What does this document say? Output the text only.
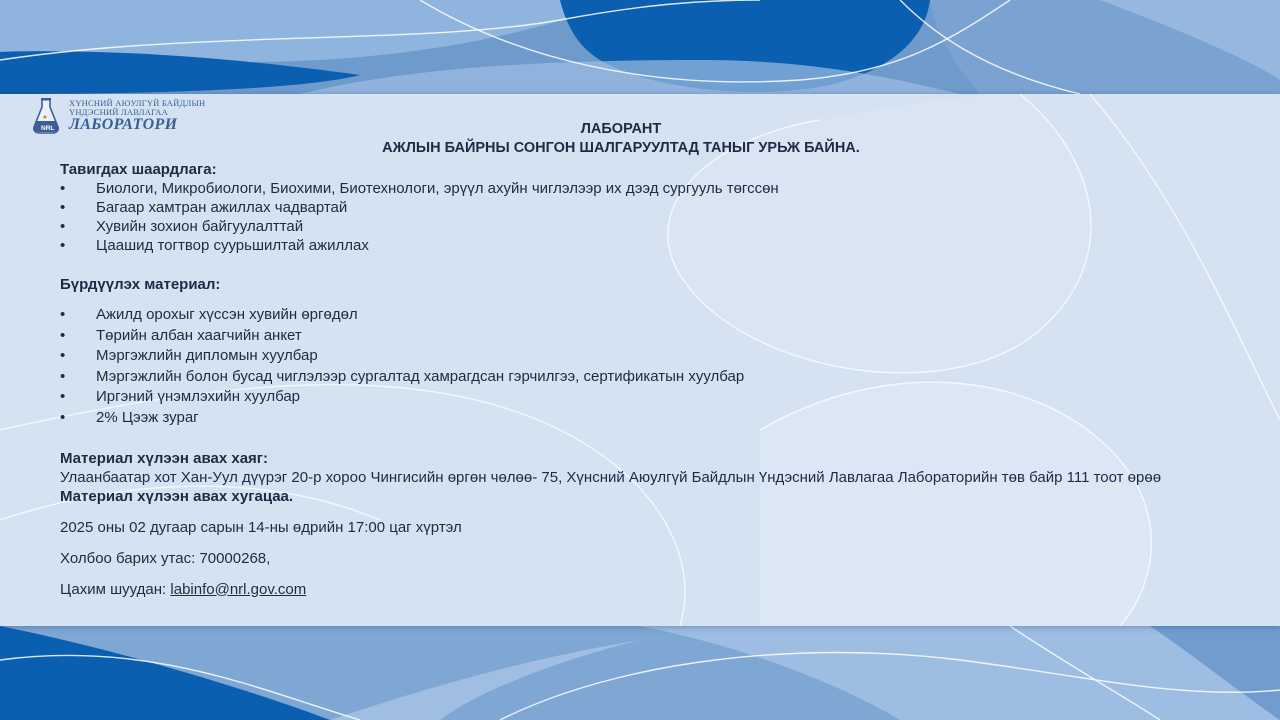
NRL
ХҮНСНИЙ АЮУЛГҮЙ БАЙДЛЫН
ҮНДЭСНИЙ ЛАВЛАГАА
ЛАБОРАТОРИ	ЛАБОРАНТ
АЖЛЫН БАЙРНЫ СОНГОН ШАЛГАРУУЛТАД ТАНЫГ УРЬЖ БАЙНА.
Тавигдах шаардлага:
• Биологи, Микробиологи, Биохими, Биотехнологи, эрүүл ахуйн чиглэлээр их дээд сургууль төгссөн
• Багаар хамтран ажиллах чадвартай
• Хувийн зохион байгуулалттай
• Цаашид тогтвор суурьшилтай ажиллах
Бүрдүүлэх материал:
• Ажилд орохыг хүссэн хувийн өргөдөл
• Төрийн албан хаагчийн анкет
• Мэргэжлийн дипломын хуулбар
• Мэргэжлийн болон бусад чиглэлээр сургалтад хамрагдсан гэрчилгээ, сертификатын хуулбар
• Иргэний үнэмлэхийн хуулбар
• 2% Цээж зураг
Материал хүлээн авах хаяг:
Улаанбаатар хот Хан-Уул дүүрэг 20-р хороо Чингисийн өргөн чөлөө- 75, Хүнсний Аюулгүй Байдлын Үндэсний Лавлагаа Лабораторийн төв байр 111 тоот өрөө
Материал хүлээн авах хугацаа.
2025 оны 02 дугаар сарын 14-ны өдрийн 17:00 цаг хүртэл
Холбоо барих утас: 70000268,
Цахим шуудан: labinfo@nrl.gov.com
